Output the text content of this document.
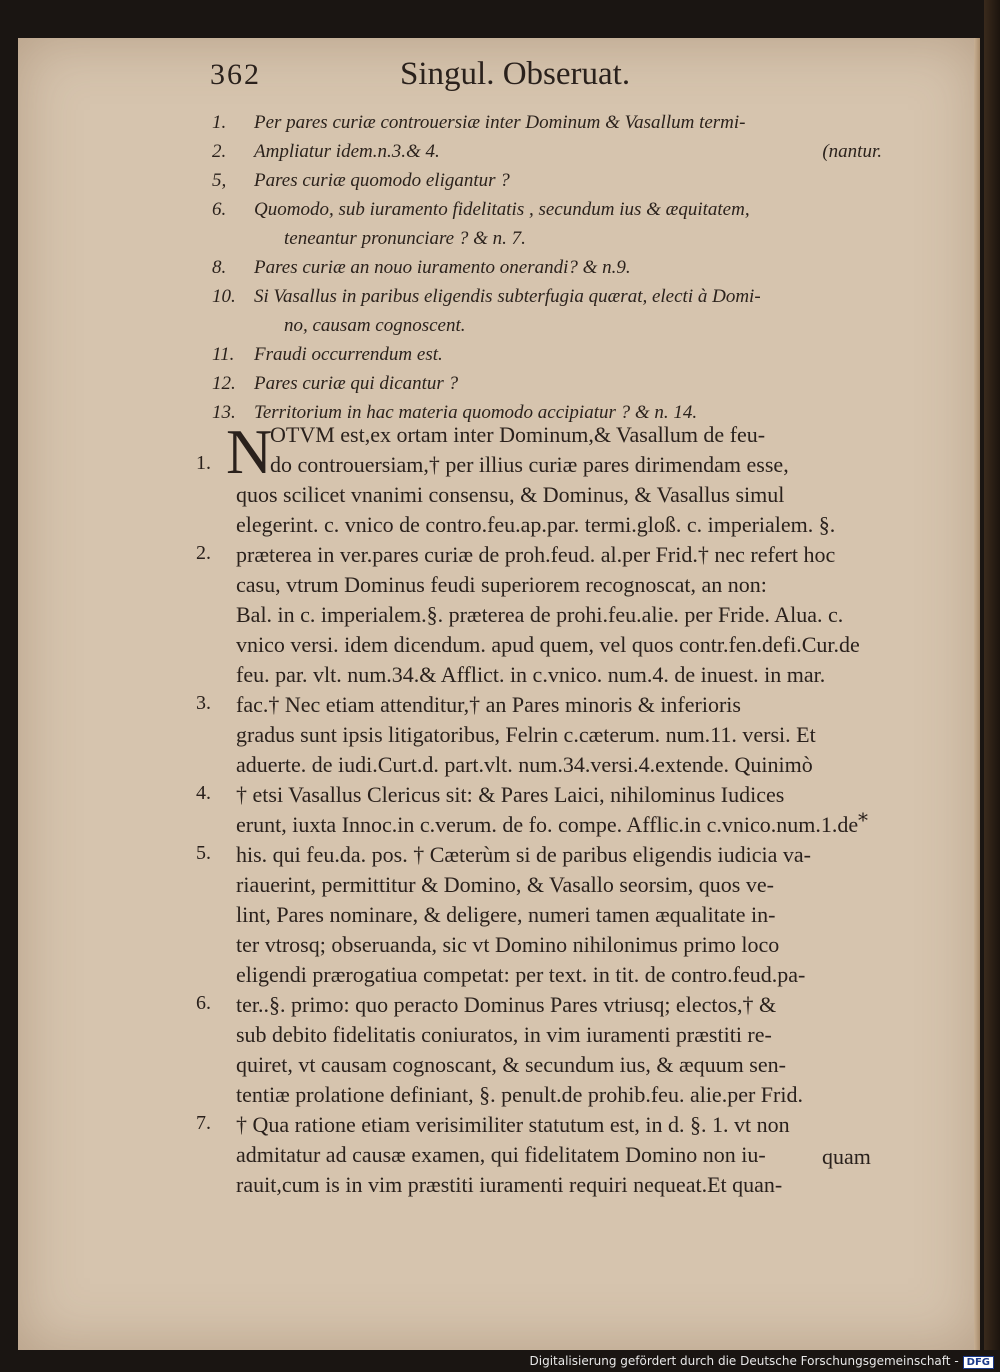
362	Singul. Obseruat.
1.	Per pares curiæ controuersiæ inter Dominum & Vasallum termi-
2.	Ampliatur idem.n.3.& 4.	(nantur.
5,	Pares curiæ quomodo eligantur ?
6.	Quomodo, sub iuramento fidelitatis , secundum ius & æquitatem,
teneantur pronunciare ? & n. 7.
8.	Pares curiæ an nouo iuramento onerandi? & n.9.
10. Si Vasallus in paribus eligendis subterfugia quærat, electi à Domi-
no, causam cognoscent.
11.	Fraudi occurrendum est.
12. Pares curiæ qui dicantur ?
13. Territorium in hac materia quomodo accipiatur ? & n. 14.
N
OTVM est,ex ortam inter Dominum,& Vasallum de feu-
do controuersiam,† per illius curiæ pares dirimendam esse,
quos scilicet vnanimi consensu, & Dominus, & Vasallus simul
elegerint. c. vnico de contro.feu.ap.par. termi.gloß. c. imperialem. §.
præterea in ver.pares curiæ de proh.feud. al.per Frid.† nec refert hoc
casu, vtrum Dominus feudi superiorem recognoscat, an non:
Bal. in c. imperialem.§. præterea de prohi.feu.alie. per Fride. Alua. c.
vnico versi. idem dicendum. apud quem, vel quos contr.fen.defi.Cur.de
feu. par. vlt. num.34.& Afflict. in c.vnico. num.4. de inuest. in mar.
fac.† Nec etiam attenditur,† an Pares minoris & inferioris
gradus sunt ipsis litigatoribus, Felrin c.cæterum. num.11. versi. Et
aduerte. de iudi.Curt.d. part.vlt. num.34.versi.4.extende. Quinimò
† etsi Vasallus Clericus sit: & Pares Laici, nihilominus Iudices
erunt, iuxta Innoc.in c.verum. de fo. compe. Afflic.in c.vnico.num.1.de
his. qui feu.da. pos. † Cæterùm si de paribus eligendis iudicia va-
riauerint, permittitur & Domino, & Vasallo seorsim, quos ve-
lint, Pares nominare, & deligere, numeri tamen æqualitate in-
ter vtrosq; obseruanda, sic vt Domino nihilonimus primo loco
eligendi prærogatiua competat: per text. in tit. de contro.feud.pa-
ter..§. primo: quo peracto Dominus Pares vtriusq; electos,† &
sub debito fidelitatis coniuratos, in vim iuramenti præstiti re-
quiret, vt causam cognoscant, & secundum ius, & æquum sen-
tentiæ prolatione definiant, §. penult.de prohib.feu. alie.per Frid.
† Qua ratione etiam verisimiliter statutum est, in d. §. 1. vt non
admitatur ad causæ examen, qui fidelitatem Domino non iu-
rauit,cum is in vim præstiti iuramenti requiri nequeat.Et quan-
1.
2.
3.
4.
5.
6.
7.
*
quam
Digitalisierung gefördert durch die Deutsche Forschungsgemeinschaft - DFG
